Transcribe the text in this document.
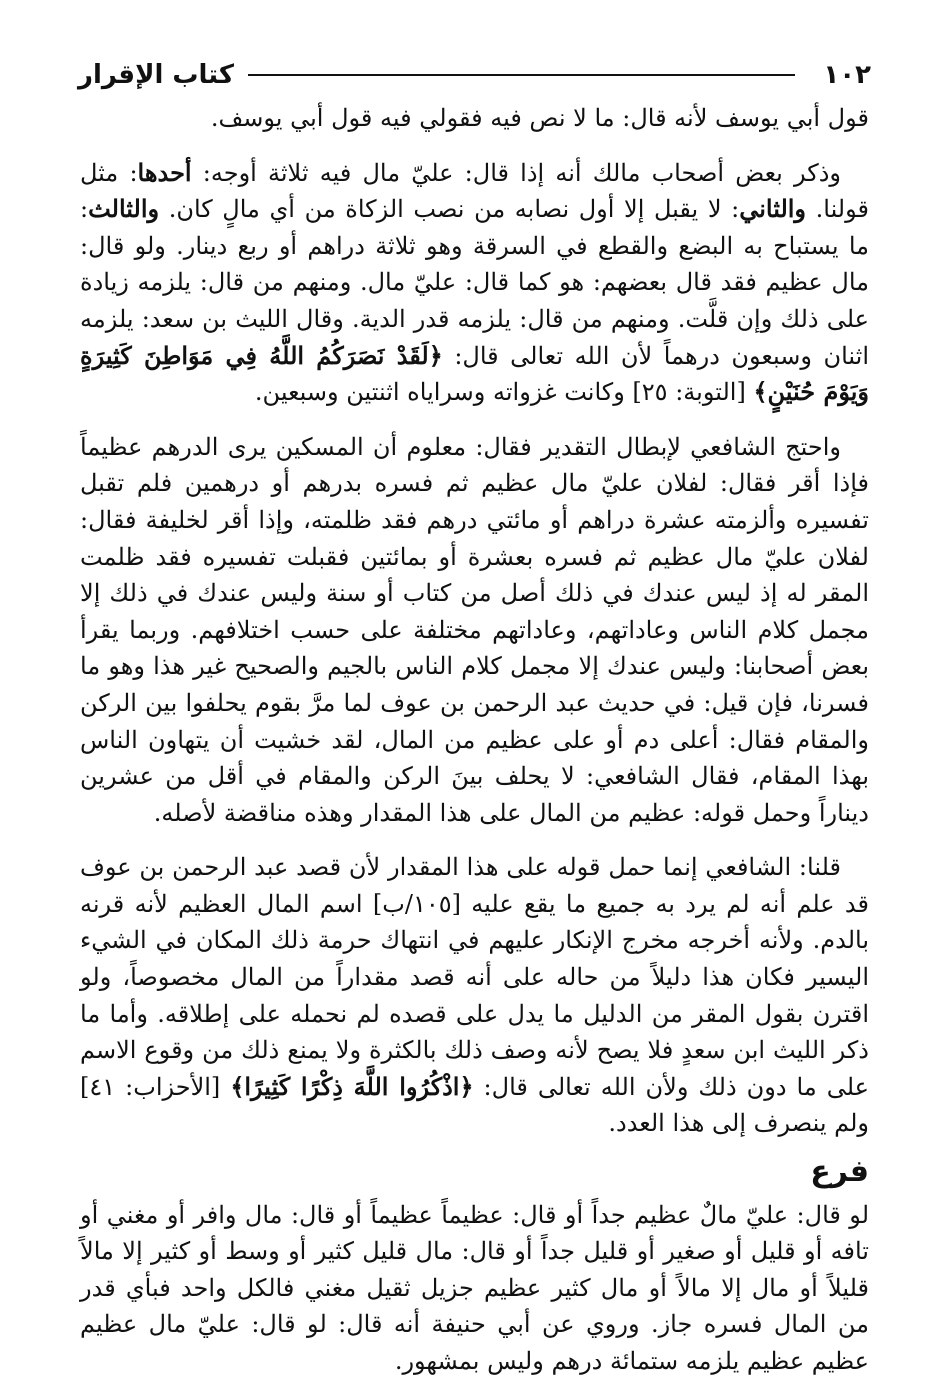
١٠٢
كتاب الإقرار

قول أبي يوسف لأنه قال: ما لا نص فيه فقولي فيه قول أبي يوسف.

وذكر بعض أصحاب مالك أنه إذا قال: عليّ مال فيه ثلاثة أوجه: أحدها: مثل قولنا. والثاني: لا يقبل إلا أول نصابه من نصب الزكاة من أي مالٍ كان. والثالث: ما يستباح به البضع والقطع في السرقة وهو ثلاثة دراهم أو ربع دينار. ولو قال: مال عظيم فقد قال بعضهم: هو كما قال: عليّ مال. ومنهم من قال: يلزمه زيادة على ذلك وإن قلَّت. ومنهم من قال: يلزمه قدر الدية. وقال الليث بن سعد: يلزمه اثنان وسبعون درهماً لأن الله تعالى قال: ﴿لَقَدْ نَصَرَكُمُ اللَّهُ فِي مَوَاطِنَ كَثِيرَةٍ وَيَوْمَ حُنَيْنٍ﴾ [التوبة: ٢٥] وكانت غزواته وسراياه اثنتين وسبعين.

واحتج الشافعي لإبطال التقدير فقال: معلوم أن المسكين يرى الدرهم عظيماً فإذا أقر فقال: لفلان عليّ مال عظيم ثم فسره بدرهم أو درهمين فلم تقبل تفسيره وألزمته عشرة دراهم أو مائتي درهم فقد ظلمته، وإذا أقر لخليفة فقال: لفلان عليّ مال عظيم ثم فسره بعشرة أو بمائتين فقبلت تفسيره فقد ظلمت المقر له إذ ليس عندك في ذلك أصل من كتاب أو سنة وليس عندك في ذلك إلا مجمل كلام الناس وعاداتهم، وعاداتهم مختلفة على حسب اختلافهم. وربما يقرأ بعض أصحابنا: وليس عندك إلا مجمل كلام الناس بالجيم والصحيح غير هذا وهو ما فسرنا، فإن قيل: في حديث عبد الرحمن بن عوف لما مرَّ بقوم يحلفوا بين الركن والمقام فقال: أعلى دم أو على عظيم من المال، لقد خشيت أن يتهاون الناس بهذا المقام، فقال الشافعي: لا يحلف بينَ الركن والمقام في أقل من عشرين ديناراً وحمل قوله: عظيم من المال على هذا المقدار وهذه مناقضة لأصله.

قلنا: الشافعي إنما حمل قوله على هذا المقدار لأن قصد عبد الرحمن بن عوف قد علم أنه لم يرد به جميع ما يقع عليه [١٠٥/ب] اسم المال العظيم لأنه قرنه بالدم. ولأنه أخرجه مخرج الإنكار عليهم في انتهاك حرمة ذلك المكان في الشيء اليسير فكان هذا دليلاً من حاله على أنه قصد مقداراً من المال مخصوصاً، ولو اقترن بقول المقر من الدليل ما يدل على قصده لم نحمله على إطلاقه. وأما ما ذكر الليث ابن سعدٍ فلا يصح لأنه وصف ذلك بالكثرة ولا يمنع ذلك من وقوع الاسم على ما دون ذلك ولأن الله تعالى قال: ﴿اذْكُرُوا اللَّهَ ذِكْرًا كَثِيرًا﴾ [الأحزاب: ٤١] ولم ينصرف إلى هذا العدد.

فرع

لو قال: عليّ مالٌ عظيم جداً أو قال: عظيماً عظيماً أو قال: مال وافر أو مغني أو تافه أو قليل أو صغير أو قليل جداً أو قال: مال قليل كثير أو وسط أو كثير إلا مالاً قليلاً أو مال إلا مالاً أو مال كثير عظيم جزيل ثقيل مغني فالكل واحد فبأي قدر من المال فسره جاز. وروي عن أبي حنيفة أنه قال: لو قال: عليّ مال عظيم عظيم عظيم يلزمه ستمائة درهم وليس بمشهور.
